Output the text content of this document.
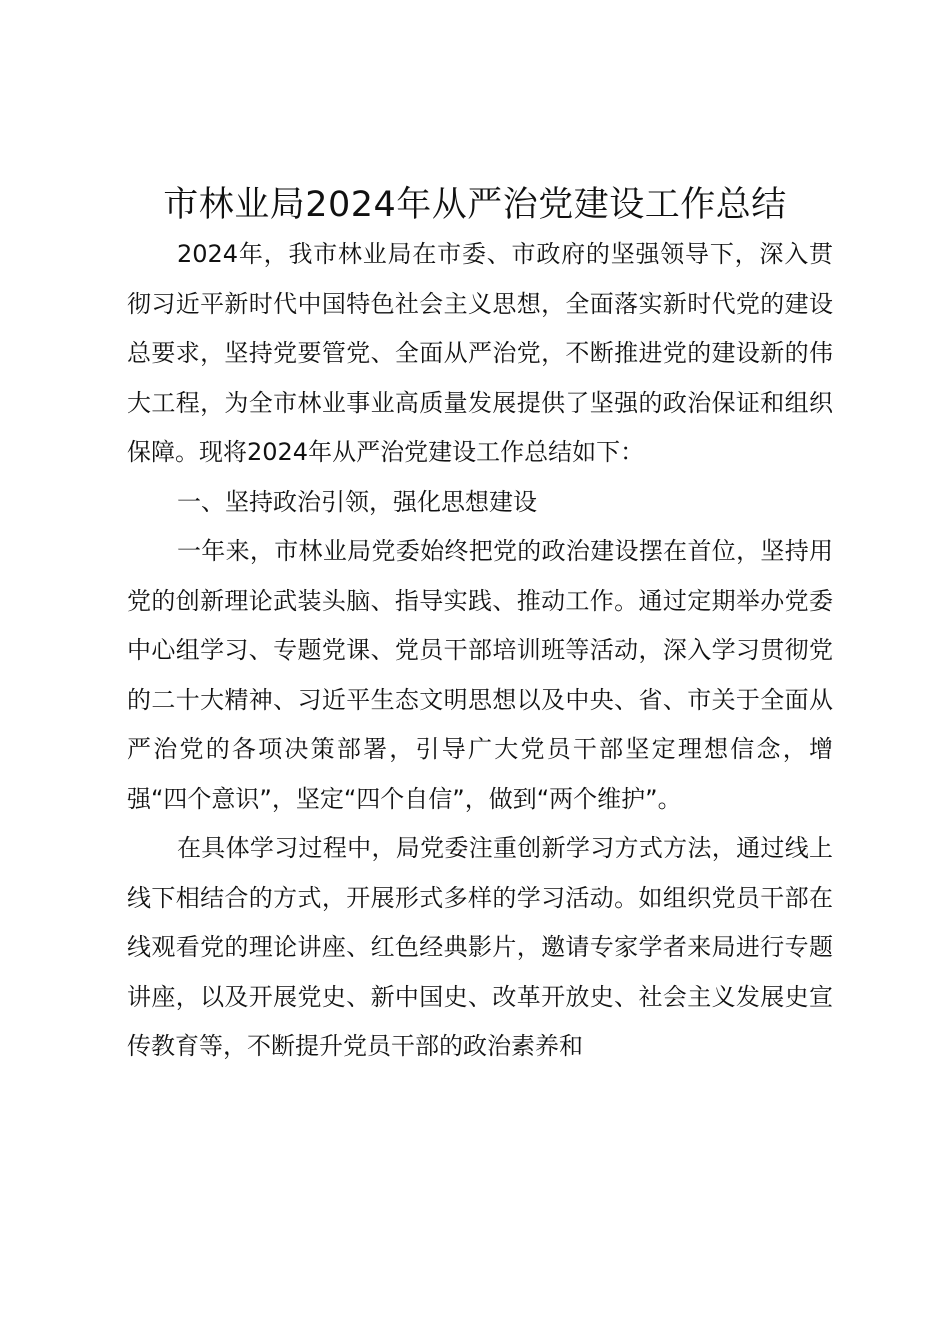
市林业局2024年从严治党建设工作总结

2024年，我市林业局在市委、市政府的坚强领导下，深入贯彻习近平新时代中国特色社会主义思想，全面落实新时代党的建设总要求，坚持党要管党、全面从严治党，不断推进党的建设新的伟大工程，为全市林业事业高质量发展提供了坚强的政治保证和组织保障。现将2024年从严治党建设工作总结如下：

一、坚持政治引领，强化思想建设

一年来，市林业局党委始终把党的政治建设摆在首位，坚持用党的创新理论武装头脑、指导实践、推动工作。通过定期举办党委中心组学习、专题党课、党员干部培训班等活动，深入学习贯彻党的二十大精神、习近平生态文明思想以及中央、省、市关于全面从严治党的各项决策部署，引导广大党员干部坚定理想信念，增强“四个意识”，坚定“四个自信”，做到“两个维护”。

在具体学习过程中，局党委注重创新学习方式方法，通过线上线下相结合的方式，开展形式多样的学习活动。如组织党员干部在线观看党的理论讲座、红色经典影片，邀请专家学者来局进行专题讲座，以及开展党史、新中国史、改革开放史、社会主义发展史宣传教育等，不断提升党员干部的政治素养和
